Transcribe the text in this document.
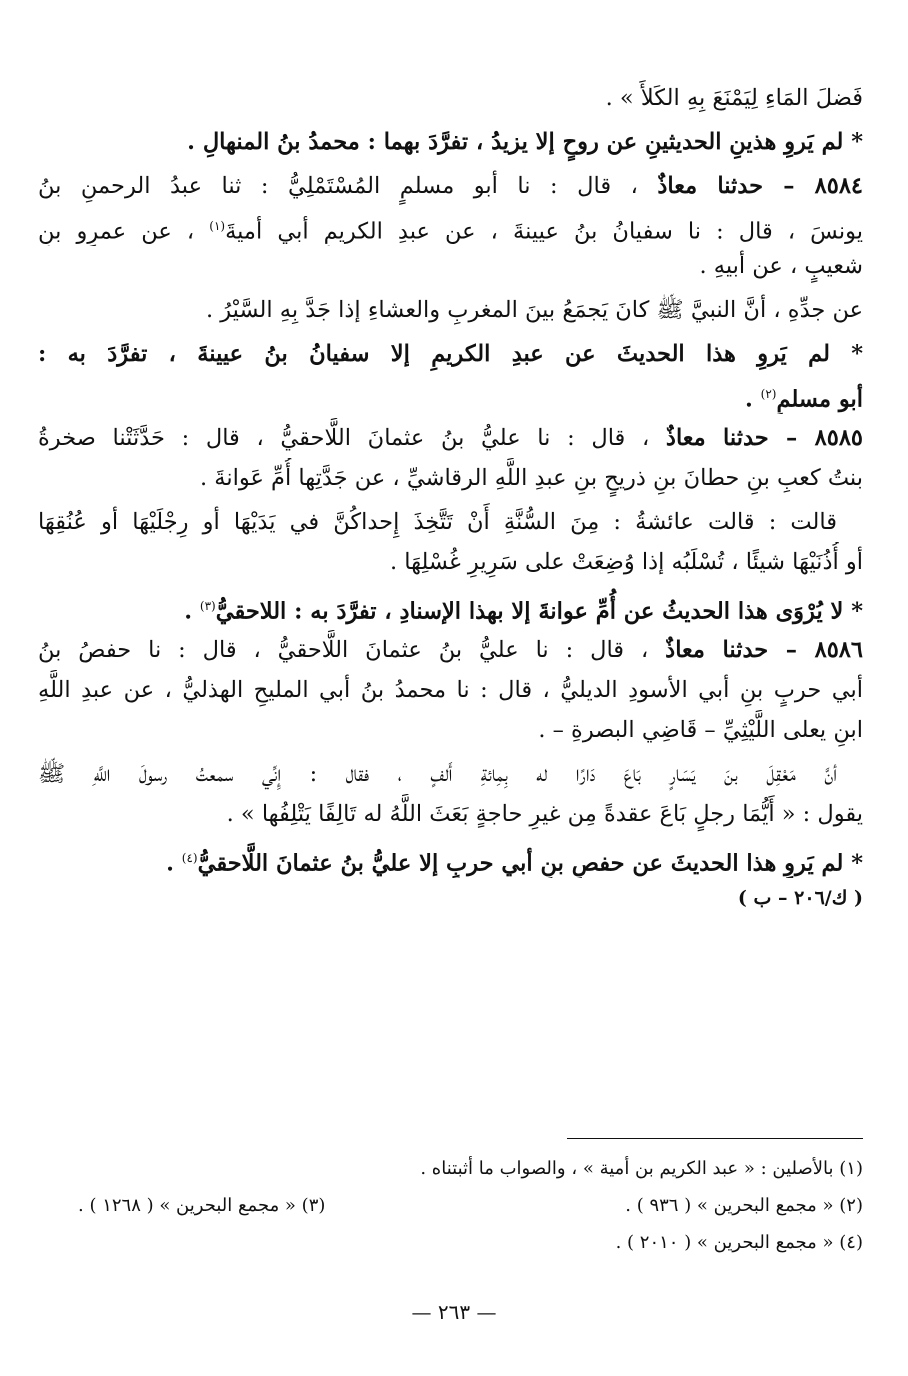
فَضلَ المَاءِ لِيَمْنَعَ بِهِ الكَلأَ » .
* لم يَروِ هذينِ الحديثينِ عن روحٍ إلا يزيدُ ، تفرَّدَ بهما : محمدُ بنُ المنهالِ .
٨٥٨٤ – حدثنا معاذٌ ، قال : نا أبو مسلمٍ المُسْتَمْلِيُّ : ثنا عبدُ الرحمنِ بنُ
يونسَ ، قال : نا سفيانُ بنُ عيينةَ ، عن عبدِ الكريمِ أبي أميةَ$^{(١)}$ ، عن عمرِو بنِ
شعيبٍ ، عن أبيهِ .
عن جدِّهِ ، أنَّ النبيَّ ﷺ كانَ يَجمَعُ بينَ المغربِ والعشاءِ إذا جَدَّ بِهِ السَّيْرُ .
* لم يَروِ هذا الحديثَ عن عبدِ الكريمِ إلا سفيانُ بنُ عيينةَ ، تفرَّدَ به :
أبو مسلمٍ$^{(٢)}$ .
٨٥٨٥ – حدثنا معاذٌ ، قال : نا عليُّ بنُ عثمانَ اللَّاحقيُّ ، قال : حَدَّثَتْنا صخرةُ
بنتُ كعبِ بنِ حطانَ بنِ ذريحٍ بنِ عبدِ اللَّهِ الرقاشيِّ ، عن جَدَّتِها أُمِّ عَوانةَ .
قالت : قالت عائشةُ : مِنَ السُّنَّةِ أَنْ تَتَّخِذَ إِحداكُنَّ في يَدَيْهَا أو رِجْلَيْهَا أو عُنُقِهَا
أو أُذُنَيْهَا شيئًا ، تُسْلَبُه إذا وُضِعَتْ على سَرِيرِ غُسْلِهَا .
* لا يُرْوَى هذا الحديثُ عن أُمِّ عوانةَ إلا بهذا الإسنادِ ، تفرَّدَ به : اللاحقيُّ$^{(٣)}$ .
٨٥٨٦ – حدثنا معاذٌ ، قال : نا عليُّ بنُ عثمانَ اللَّاحقيُّ ، قال : نا حفصُ بنُ
أبي حربٍ بنِ أبي الأسودِ الديليُّ ، قال : نا محمدُ بنُ أبي المليحِ الهذليُّ ، عن عبدِ اللَّهِ
ابنِ يعلى اللَّيْثِيِّ – قَاضِي البصرةِ – .
أنَّ مَعْقِلَ بنَ يَسَارٍ بَاعَ دَارًا له بِمِائةِ أَلفٍ ، فقال : إِنِّي سمعتُ رسولَ اللَّهِ ﷺ
يقول : « أَيُّمَا رجلٍ بَاعَ عقدةً مِن غيرِ حاجةٍ بَعَثَ اللَّهُ له تَالِفًا يَتْلِفُها » .
* لم يَروِ هذا الحديثَ عن حفصِ بنِ أبي حربٍ إلا عليُّ بنُ عثمانَ اللَّاحقيُّ$^{(٤)}$ .
( ك/٢٠٦ – ب )
(١) بالأصلين : « عبد الكريم بن أمية » ، والصواب ما أثبتناه .
(٢) « مجمع البحرين » ( ٩٣٦ ) .
(٣) « مجمع البحرين » ( ١٢٦٨ ) .
(٤) « مجمع البحرين » ( ٢٠١٠ ) .
— ٢٦٣ —
